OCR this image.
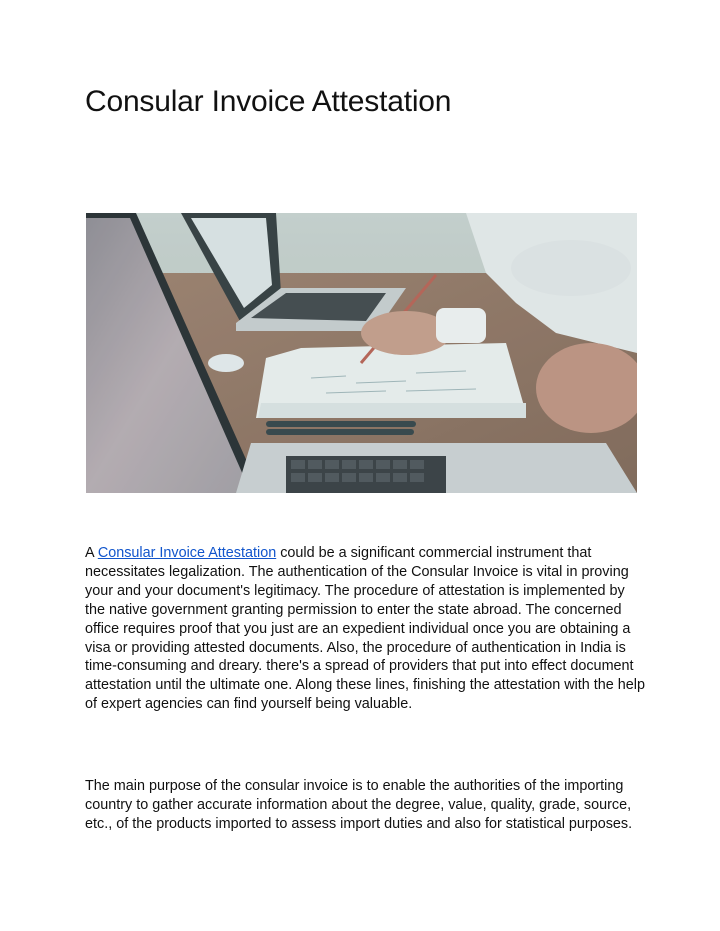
Consular Invoice Attestation

A Consular Invoice Attestation could be a significant commercial instrument that necessitates legalization. The authentication of the Consular Invoice is vital in proving your and your document's legitimacy. The procedure of attestation is implemented by the native government granting permission to enter the state abroad. The concerned office requires proof that you just are an expedient individual once you are obtaining a visa or providing attested documents. Also, the procedure of authentication in India is time-consuming and dreary. there's a spread of providers that put into effect document attestation until the ultimate one. Along these lines, finishing the attestation with the help of expert agencies can find yourself being valuable.

The main purpose of the consular invoice is to enable the authorities of the importing country to gather accurate information about the degree, value, quality, grade, source, etc., of the products imported to assess import duties and also for statistical purposes.
